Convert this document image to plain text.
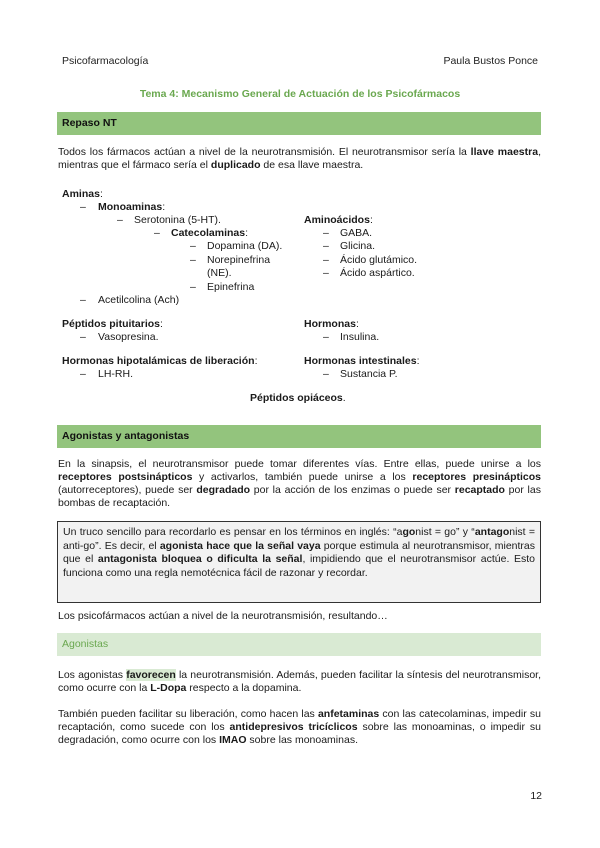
Psicofarmacología	Paula Bustos Ponce
Tema 4: Mecanismo General de Actuación de los Psicofármacos
Repaso NT
Todos los fármacos actúan a nivel de la neurotransmisión. El neurotransmisor sería la llave maestra, mientras que el fármaco sería el duplicado de esa llave maestra.
Aminas:
– Monoaminas:
– Serotonina (5-HT).
– Catecolaminas:
– Dopamina (DA).
– Norepinefrina
(NE).
– Epinefrina
– Acetilcolina (Ach)
Aminoácidos:
– GABA.
– Glicina.
– Ácido glutámico.
– Ácido aspártico.
Péptidos pituitarios:
– Vasopresina.
Hormonas:
– Insulina.
Hormonas hipotalámicas de liberación:
– LH-RH.
Hormonas intestinales:
– Sustancia P.
Péptidos opiáceos.
Agonistas y antagonistas
En la sinapsis, el neurotransmisor puede tomar diferentes vías. Entre ellas, puede unirse a los receptores postsinápticos y activarlos, también puede unirse a los receptores presinápticos (autorreceptores), puede ser degradado por la acción de los enzimas o puede ser recaptado por las bombas de recaptación.
Un truco sencillo para recordarlo es pensar en los términos en inglés: “agonist = go” y “antagonist = anti-go”. Es decir, el agonista hace que la señal vaya porque estimula al neurotransmisor, mientras que el antagonista bloquea o dificulta la señal, impidiendo que el neurotransmisor actúe. Esto funciona como una regla nemotécnica fácil de razonar y recordar.
Los psicofármacos actúan a nivel de la neurotransmisión, resultando…
Agonistas
Los agonistas favorecen la neurotransmisión. Además, pueden facilitar la síntesis del neurotransmisor, como ocurre con la L-Dopa respecto a la dopamina.
También pueden facilitar su liberación, como hacen las anfetaminas con las catecolaminas, impedir su recaptación, como sucede con los antidepresivos tricíclicos sobre las monoaminas, o impedir su degradación, como ocurre con los IMAO sobre las monoaminas.
12
